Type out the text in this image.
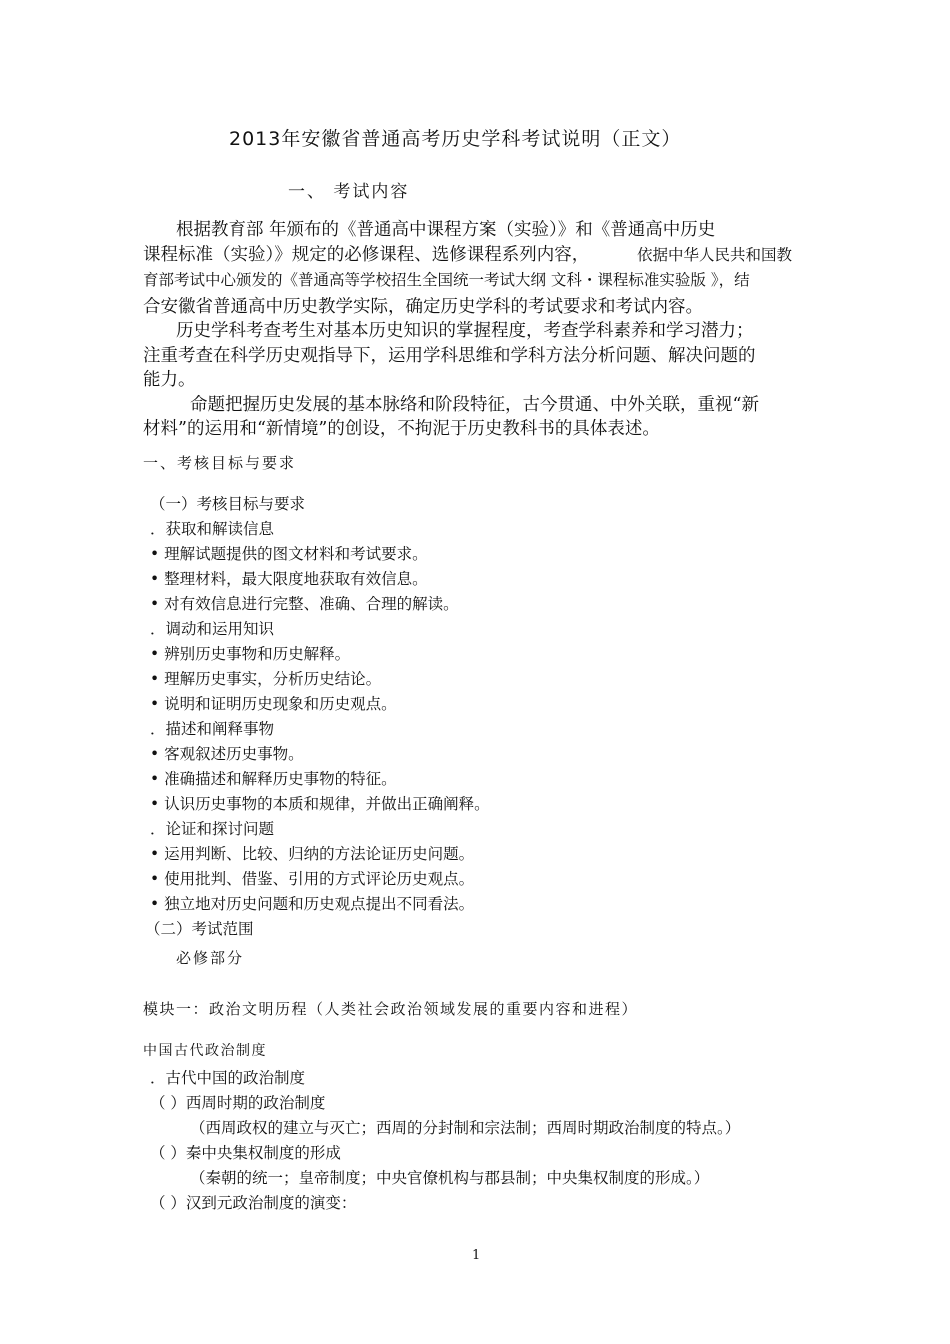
2013年安徽省普通高考历史学科考试说明（正文）
一、 考试内容
根据教育部 年颁布的《普通高中课程方案（实验）》和《普通高中历史
课程标准（实验）》规定的必修课程、选修课程系列内容，	依据中华人民共和国教
育部考试中心颁发的《普通高等学校招生全国统一考试大纲 文科・课程标准实验版 》，结
合安徽省普通高中历史教学实际，确定历史学科的考试要求和考试内容。
历史学科考查考生对基本历史知识的掌握程度，考查学科素养和学习潜力；
注重考查在科学历史观指导下，运用学科思维和学科方法分析问题、解决问题的
能力。
命题把握历史发展的基本脉络和阶段特征，古今贯通、中外关联，重视“新
材料”的运用和“新情境”的创设，不拘泥于历史教科书的具体表述。
一、考核目标与要求
（一）考核目标与要求
．获取和解读信息
• 理解试题提供的图文材料和考试要求。
• 整理材料，最大限度地获取有效信息。
• 对有效信息进行完整、准确、合理的解读。
．调动和运用知识
• 辨别历史事物和历史解释。
• 理解历史事实，分析历史结论。
• 说明和证明历史现象和历史观点。
．描述和阐释事物
• 客观叙述历史事物。
• 准确描述和解释历史事物的特征。
• 认识历史事物的本质和规律，并做出正确阐释。
．论证和探讨问题
• 运用判断、比较、归纳的方法论证历史问题。
• 使用批判、借鉴、引用的方式评论历史观点。
• 独立地对历史问题和历史观点提出不同看法。
（二）考试范围
必修部分
模块一：政治文明历程（人类社会政治领域发展的重要内容和进程）
中国古代政治制度
．古代中国的政治制度
（ ）西周时期的政治制度
（西周政权的建立与灭亡；西周的分封制和宗法制；西周时期政治制度的特点。）
（ ）秦中央集权制度的形成
（秦朝的统一；皇帝制度；中央官僚机构与郡县制；中央集权制度的形成。）
（ ）汉到元政治制度的演变：
1
